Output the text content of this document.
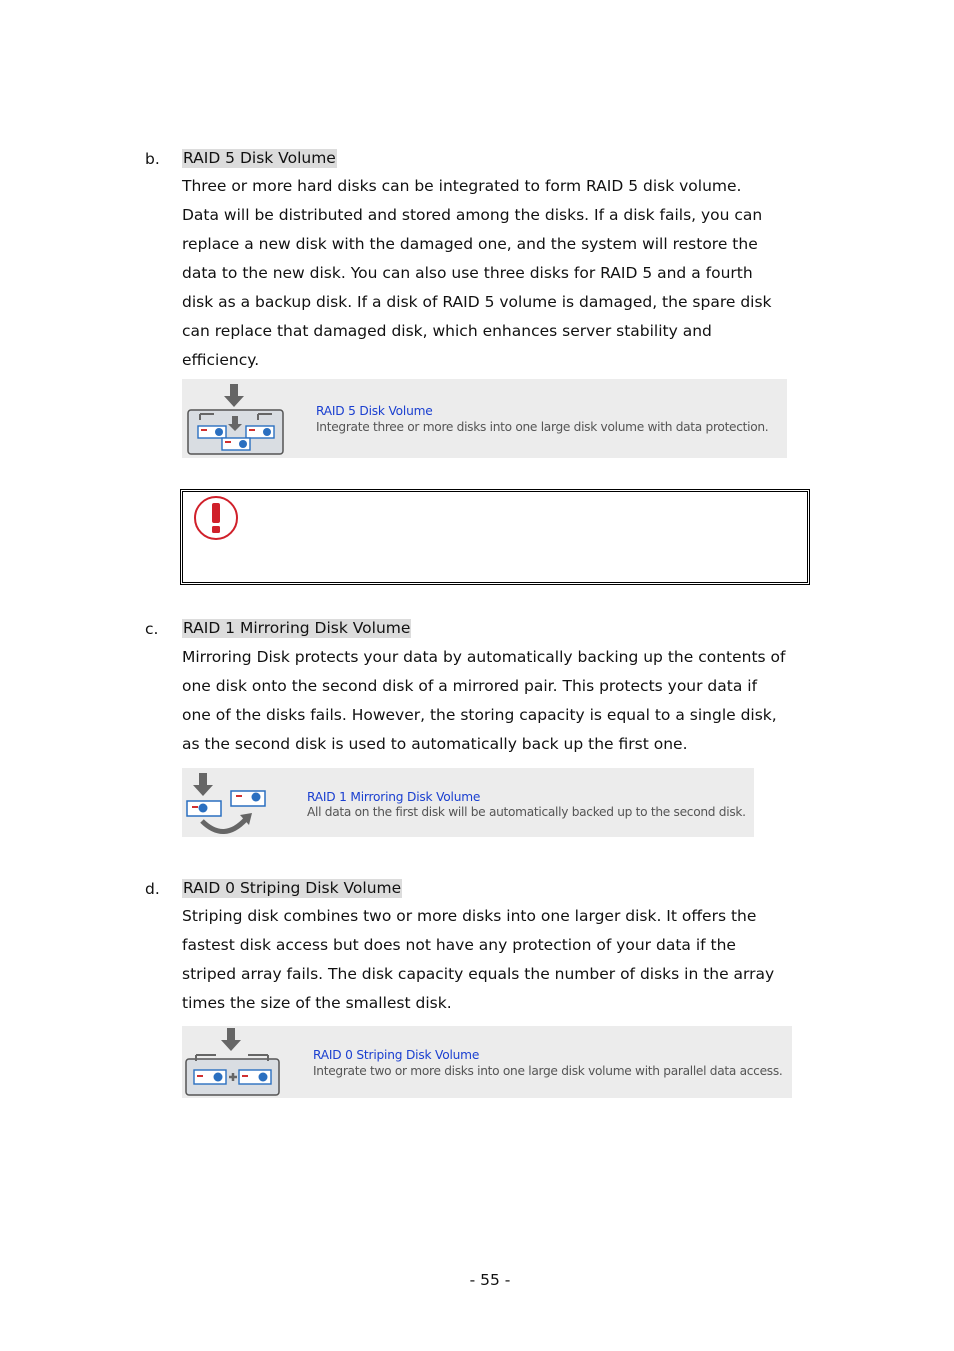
b. RAID 5 Disk Volume

Three or more hard disks can be integrated to form RAID 5 disk volume.
Data will be distributed and stored among the disks. If a disk fails, you can
replace a new disk with the damaged one, and the system will restore the
data to the new disk. You can also use three disks for RAID 5 and a fourth
disk as a backup disk. If a disk of RAID 5 volume is damaged, the spare disk
can replace that damaged disk, which enhances server stability and
efficiency.

RAID 5 Disk Volume
Integrate three or more disks into one large disk volume with data protection.
c. RAID 1 Mirroring Disk Volume

Mirroring Disk protects your data by automatically backing up the contents of
one disk onto the second disk of a mirrored pair. This protects your data if
one of the disks fails. However, the storing capacity is equal to a single disk,
as the second disk is used to automatically back up the first one.

RAID 1 Mirroring Disk Volume
All data on the first disk will be automatically backed up to the second disk.
d. RAID 0 Striping Disk Volume

Striping disk combines two or more disks into one larger disk. It offers the
fastest disk access but does not have any protection of your data if the
striped array fails. The disk capacity equals the number of disks in the array
times the size of the smallest disk.

RAID 0 Striping Disk Volume
Integrate two or more disks into one large disk volume with parallel data access.
- 55 -
